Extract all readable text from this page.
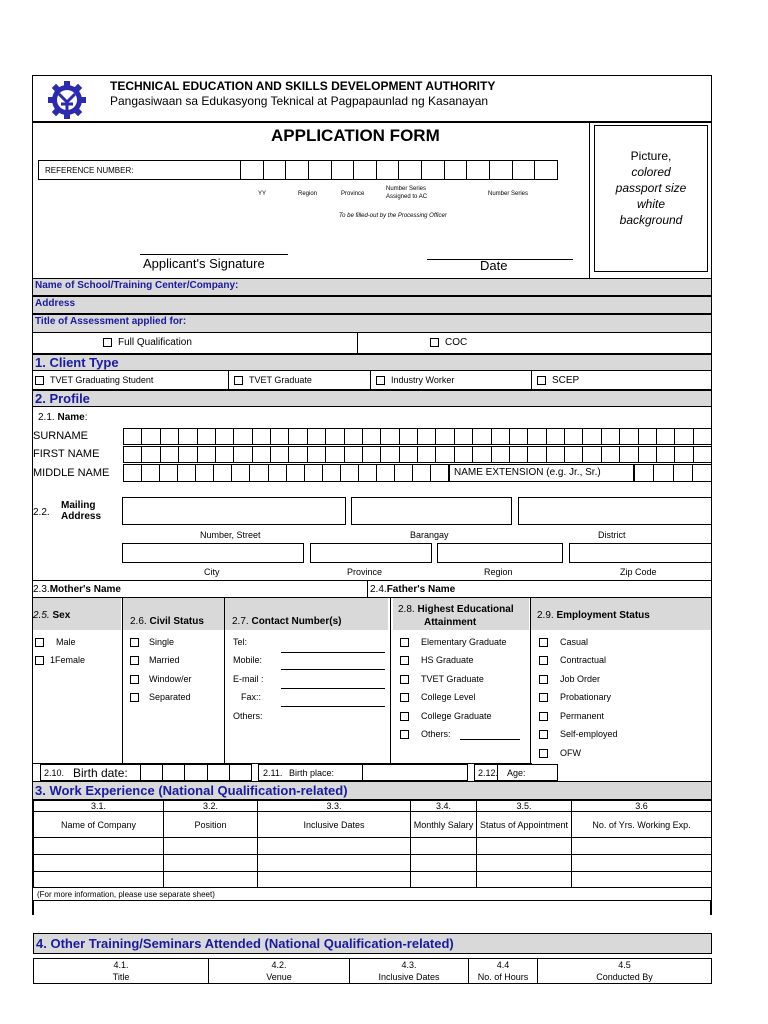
TECHNICAL EDUCATION AND SKILLS DEVELOPMENT AUTHORITY
Pangasiwaan sa Edukasyong Teknical at Pagpapaunlad ng Kasanayan
APPLICATION FORM
REFERENCE NUMBER:
YY	Region	Province
Number Series Assigned to AC	Number Series
To be filled-out by the Processing Officer
Picture,
colored
passport size
white
background
Applicant's Signature	Date
Name of School/Training Center/Company:
Address
Title of Assessment applied for:
Full Qualification	COC
1. Client Type
TVET Graduating Student	TVET Graduate	Industry Worker	SCEP
2. Profile
2.1. Name:
SURNAME
FIRST NAME
MIDDLE NAME	NAME EXTENSION (e.g. Jr., Sr.)
2.2.
Mailing
Address
Number, Street	Barangay	District
City	Province	Region	Zip Code
2.3.Mother's Name	2.4.Father's Name
2.5. Sex
2.6. Civil Status	2.7. Contact Number(s)
2.8. Highest Educational
Attainment
2.9. Employment Status
Male
1Female
Single
Married
Window/er
Separated
Tel:
Mobile:
E-mail :
Fax::
Others:
Elementary Graduate
HS Graduate
TVET Graduate
College Level
College Graduate
Others:
Casual
Contractual
Job Order
Probationary
Permanent
Self-employed
OFW
2.10. Birth date:	2.11. Birth place:	2.12. Age:
3. Work Experience (National Qualification-related)
3.1.	3.2.	3.3.	3.4.	3.5.	3.6
Name of Company	Position	Inclusive Dates	Monthly Salary	Status of Appointment	No. of Yrs. Working Exp.

(For more information, please use separate sheet)
4. Other Training/Seminars Attended (National Qualification-related)
4.1.	4.2.	4.3.	4.4	4.5
Title	Venue	Inclusive Dates	No. of Hours	Conducted By
